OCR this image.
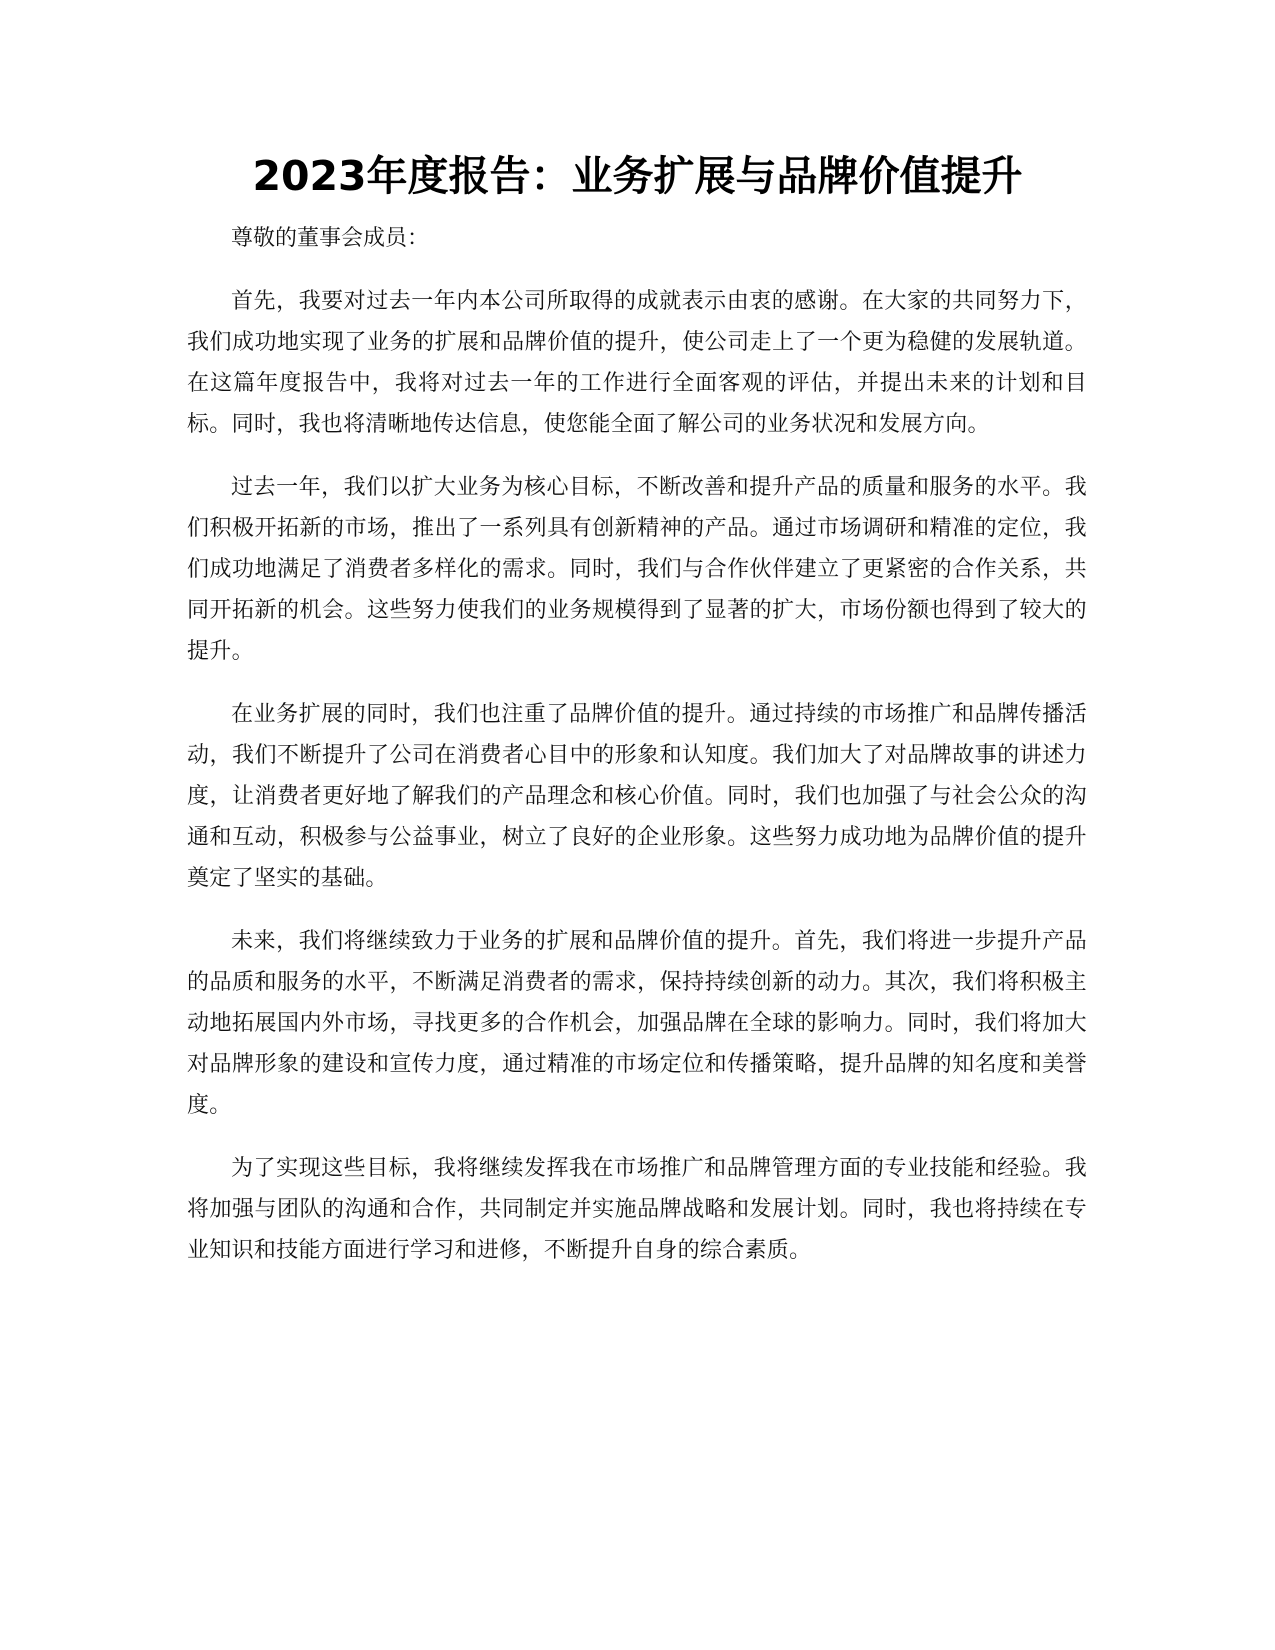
2023年度报告：业务扩展与品牌价值提升

尊敬的董事会成员：

首先，我要对过去一年内本公司所取得的成就表示由衷的感谢。在大家的共同努力下，我们成功地实现了业务的扩展和品牌价值的提升，使公司走上了一个更为稳健的发展轨道。在这篇年度报告中，我将对过去一年的工作进行全面客观的评估，并提出未来的计划和目标。同时，我也将清晰地传达信息，使您能全面了解公司的业务状况和发展方向。

过去一年，我们以扩大业务为核心目标，不断改善和提升产品的质量和服务的水平。我们积极开拓新的市场，推出了一系列具有创新精神的产品。通过市场调研和精准的定位，我们成功地满足了消费者多样化的需求。同时，我们与合作伙伴建立了更紧密的合作关系，共同开拓新的机会。这些努力使我们的业务规模得到了显著的扩大，市场份额也得到了较大的提升。

在业务扩展的同时，我们也注重了品牌价值的提升。通过持续的市场推广和品牌传播活动，我们不断提升了公司在消费者心目中的形象和认知度。我们加大了对品牌故事的讲述力度，让消费者更好地了解我们的产品理念和核心价值。同时，我们也加强了与社会公众的沟通和互动，积极参与公益事业，树立了良好的企业形象。这些努力成功地为品牌价值的提升奠定了坚实的基础。

未来，我们将继续致力于业务的扩展和品牌价值的提升。首先，我们将进一步提升产品的品质和服务的水平，不断满足消费者的需求，保持持续创新的动力。其次，我们将积极主动地拓展国内外市场，寻找更多的合作机会，加强品牌在全球的影响力。同时，我们将加大对品牌形象的建设和宣传力度，通过精准的市场定位和传播策略，提升品牌的知名度和美誉度。

为了实现这些目标，我将继续发挥我在市场推广和品牌管理方面的专业技能和经验。我将加强与团队的沟通和合作，共同制定并实施品牌战略和发展计划。同时，我也将持续在专业知识和技能方面进行学习和进修，不断提升自身的综合素质。
